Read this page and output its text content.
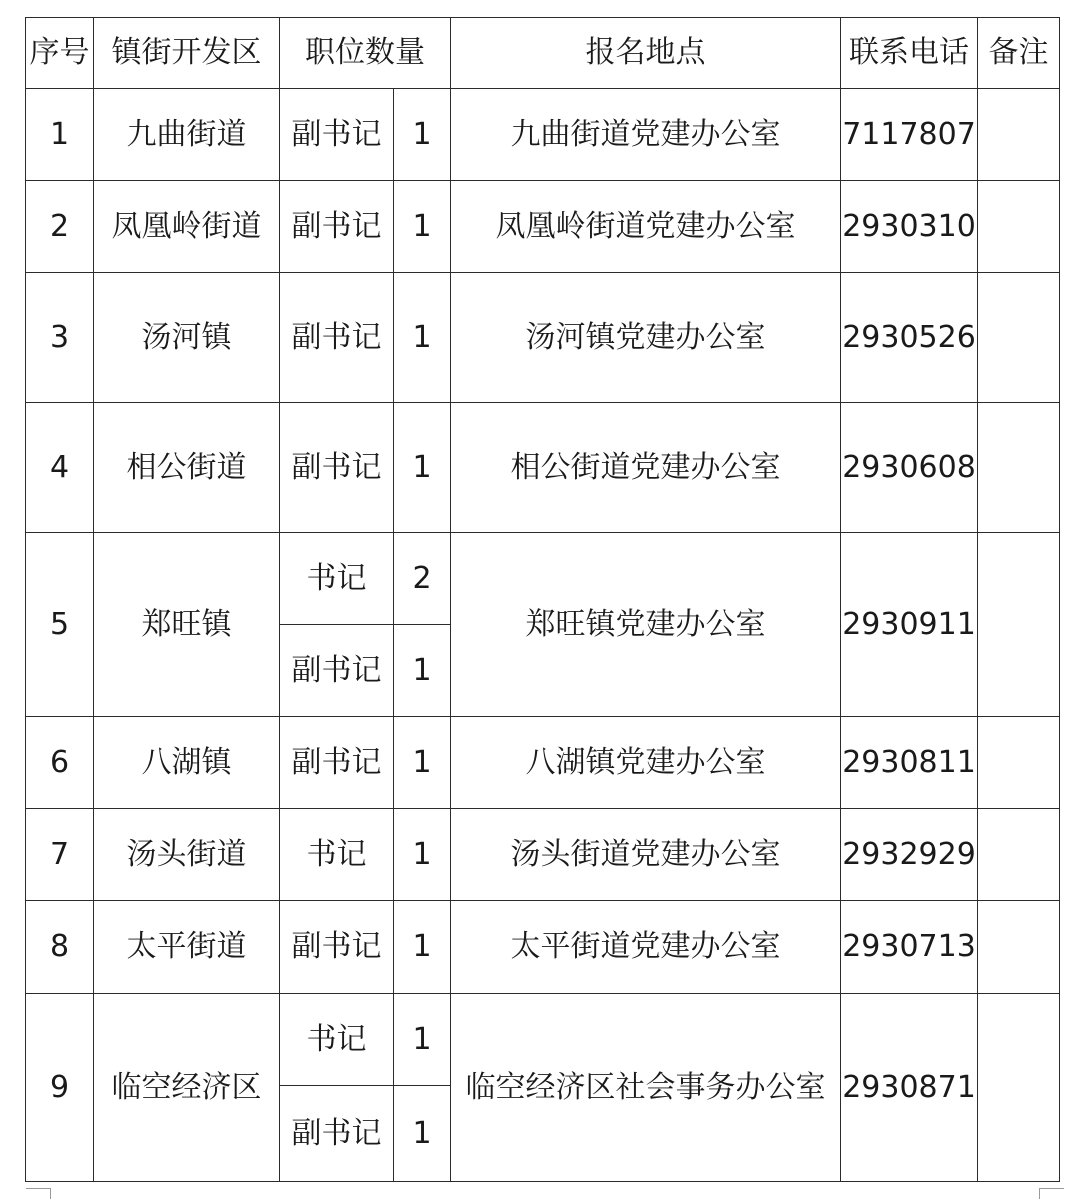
序号	镇街开发区	职位数量		报名地点	联系电话	备注
1	九曲街道	副书记	1	九曲街道党建办公室	7117807	
2	凤凰岭街道	副书记	1	凤凰岭街道党建办公室	2930310	
3	汤河镇	副书记	1	汤河镇党建办公室	2930526	
4	相公街道	副书记	1	相公街道党建办公室	2930608	
5	郑旺镇	书记	2	郑旺镇党建办公室	2930911	
		副书记	1			
6	八湖镇	副书记	1	八湖镇党建办公室	2930811	
7	汤头街道	书记	1	汤头街道党建办公室	2932929	
8	太平街道	副书记	1	太平街道党建办公室	2930713	
9	临空经济区	书记	1	临空经济区社会事务办公室	2930871	
		副书记	1			
